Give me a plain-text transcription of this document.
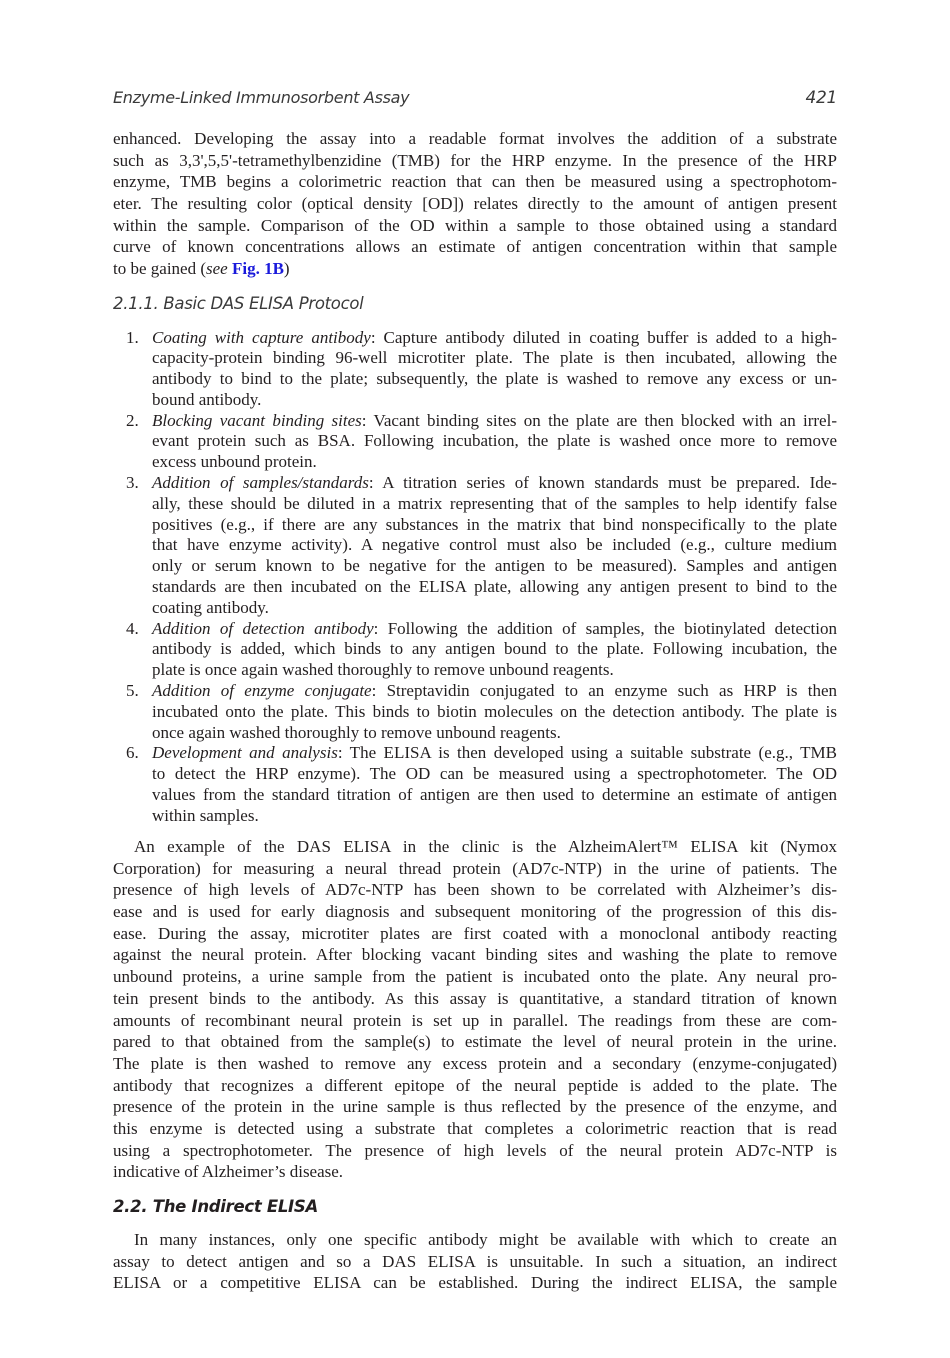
Enzyme-Linked Immunosorbent Assay	421
enhanced. Developing the assay into a readable format involves the addition of a substrate
such as 3,3',5,5'-tetramethylbenzidine (TMB) for the HRP enzyme. In the presence of the HRP
enzyme, TMB begins a colorimetric reaction that can then be measured using a spectrophotom-
eter. The resulting color (optical density [OD]) relates directly to the amount of antigen present
within the sample. Comparison of the OD within a sample to those obtained using a standard
curve of known concentrations allows an estimate of antigen concentration within that sample
to be gained (see Fig. 1B)
2.1.1. Basic DAS ELISA Protocol
1. Coating with capture antibody: Capture antibody diluted in coating buffer is added to a high-
capacity-protein binding 96-well microtiter plate. The plate is then incubated, allowing the
antibody to bind to the plate; subsequently, the plate is washed to remove any excess or un-
bound antibody.
2. Blocking vacant binding sites: Vacant binding sites on the plate are then blocked with an irrel-
evant protein such as BSA. Following incubation, the plate is washed once more to remove
excess unbound protein.
3. Addition of samples/standards: A titration series of known standards must be prepared. Ide-
ally, these should be diluted in a matrix representing that of the samples to help identify false
positives (e.g., if there are any substances in the matrix that bind nonspecifically to the plate
that have enzyme activity). A negative control must also be included (e.g., culture medium
only or serum known to be negative for the antigen to be measured). Samples and antigen
standards are then incubated on the ELISA plate, allowing any antigen present to bind to the
coating antibody.
4. Addition of detection antibody: Following the addition of samples, the biotinylated detection
antibody is added, which binds to any antigen bound to the plate. Following incubation, the
plate is once again washed thoroughly to remove unbound reagents.
5. Addition of enzyme conjugate: Streptavidin conjugated to an enzyme such as HRP is then
incubated onto the plate. This binds to biotin molecules on the detection antibody. The plate is
once again washed thoroughly to remove unbound reagents.
6. Development and analysis: The ELISA is then developed using a suitable substrate (e.g., TMB
to detect the HRP enzyme). The OD can be measured using a spectrophotometer. The OD
values from the standard titration of antigen are then used to determine an estimate of antigen
within samples.
An example of the DAS ELISA in the clinic is the AlzheimAlert™ ELISA kit (Nymox
Corporation) for measuring a neural thread protein (AD7c-NTP) in the urine of patients. The
presence of high levels of AD7c-NTP has been shown to be correlated with Alzheimer’s dis-
ease and is used for early diagnosis and subsequent monitoring of the progression of this dis-
ease. During the assay, microtiter plates are first coated with a monoclonal antibody reacting
against the neural protein. After blocking vacant binding sites and washing the plate to remove
unbound proteins, a urine sample from the patient is incubated onto the plate. Any neural pro-
tein present binds to the antibody. As this assay is quantitative, a standard titration of known
amounts of recombinant neural protein is set up in parallel. The readings from these are com-
pared to that obtained from the sample(s) to estimate the level of neural protein in the urine.
The plate is then washed to remove any excess protein and a secondary (enzyme-conjugated)
antibody that recognizes a different epitope of the neural peptide is added to the plate. The
presence of the protein in the urine sample is thus reflected by the presence of the enzyme, and
this enzyme is detected using a substrate that completes a colorimetric reaction that is read
using a spectrophotometer. The presence of high levels of the neural protein AD7c-NTP is
indicative of Alzheimer’s disease.
2.2. The Indirect ELISA
In many instances, only one specific antibody might be available with which to create an
assay to detect antigen and so a DAS ELISA is unsuitable. In such a situation, an indirect
ELISA or a competitive ELISA can be established. During the indirect ELISA, the sample
